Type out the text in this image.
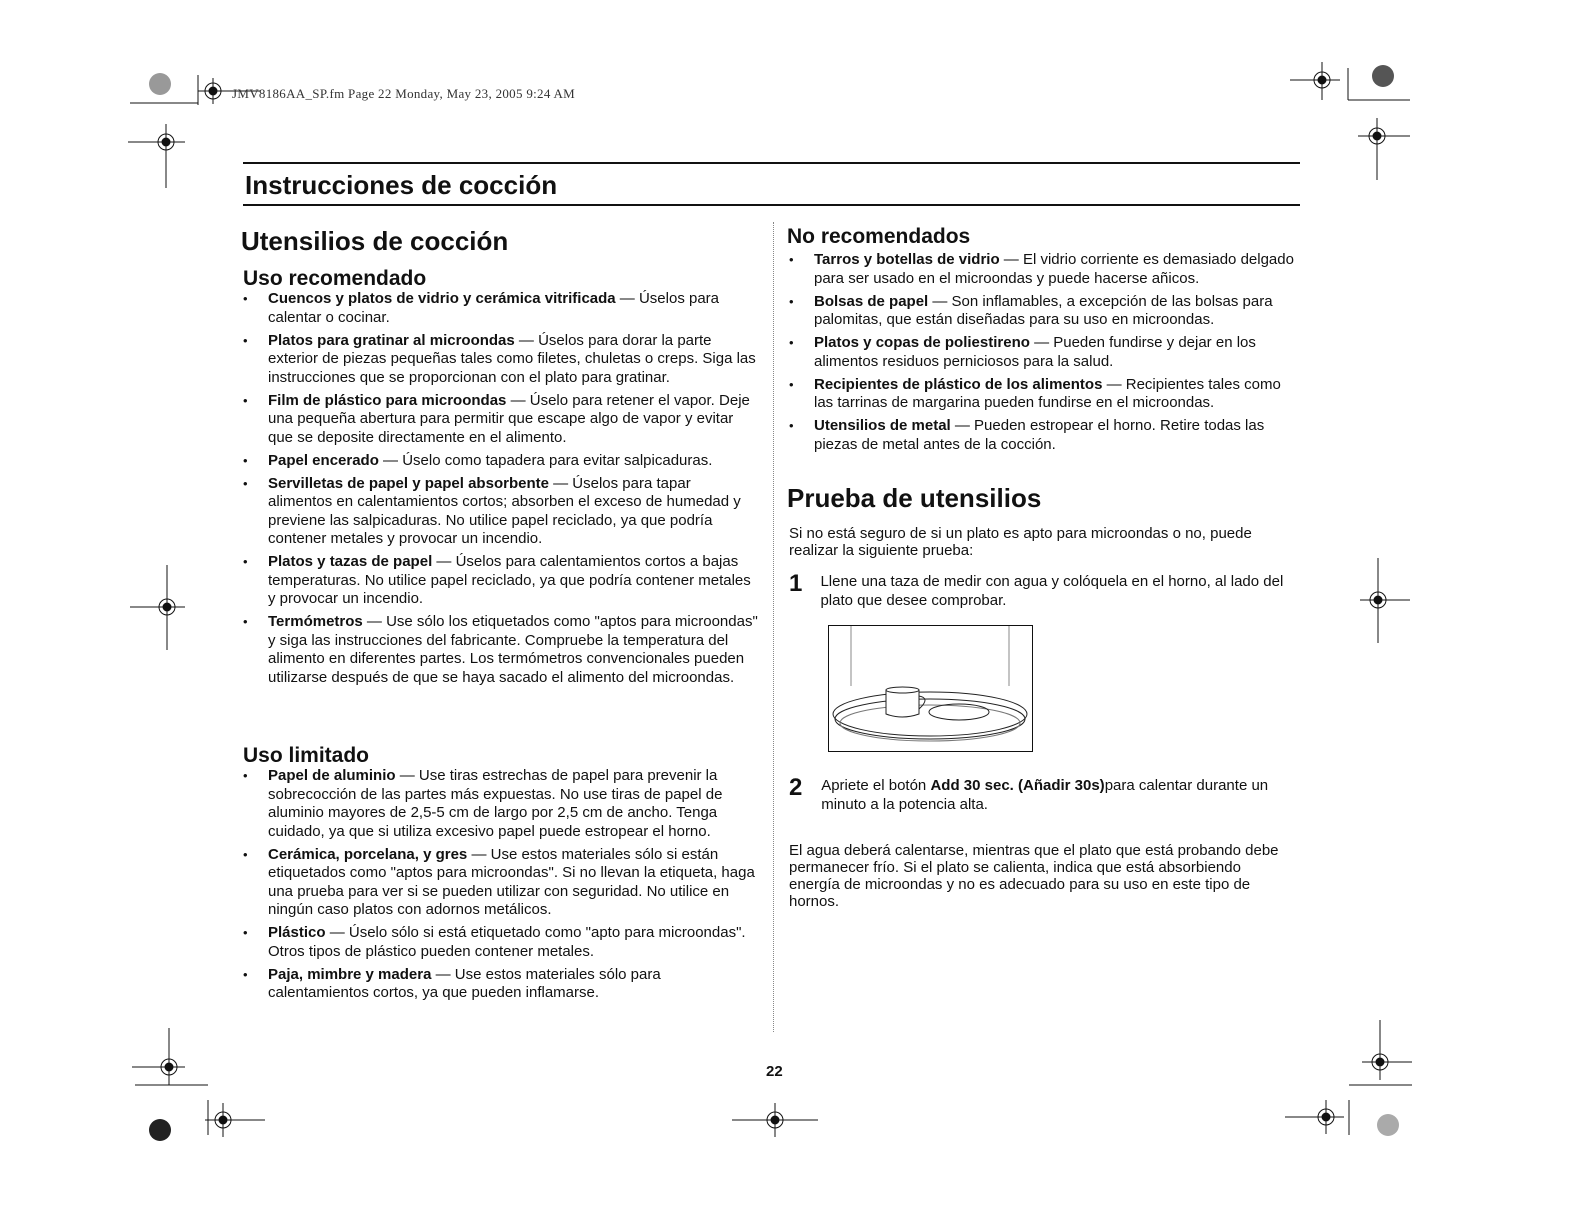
JMV8186AA_SP.fm Page 22 Monday, May 23, 2005 9:24 AM
Instrucciones de cocción
Utensilios de cocción
Uso recomendado
• Cuencos y platos de vidrio y cerámica vitrificada — Úselos para calentar o cocinar.
• Platos para gratinar al microondas — Úselos para dorar la parte exterior de piezas pequeñas tales como filetes, chuletas o creps. Siga las instrucciones que se proporcionan con el plato para gratinar.
• Film de plástico para microondas — Úselo para retener el vapor. Deje una pequeña abertura para permitir que escape algo de vapor y evitar que se deposite directamente en el alimento.
• Papel encerado — Úselo como tapadera para evitar salpicaduras.
• Servilletas de papel y papel absorbente — Úselos para tapar alimentos en calentamientos cortos; absorben el exceso de humedad y previene las salpicaduras. No utilice papel reciclado, ya que podría contener metales y provocar un incendio.
• Platos y tazas de papel — Úselos para calentamientos cortos a bajas temperaturas. No utilice papel reciclado, ya que podría contener metales y provocar un incendio.
• Termómetros — Use sólo los etiquetados como "aptos para microondas" y siga las instrucciones del fabricante. Compruebe la temperatura del alimento en diferentes partes. Los termómetros convencionales pueden utilizarse después de que se haya sacado el alimento del microondas.
Uso limitado
• Papel de aluminio — Use tiras estrechas de papel para prevenir la sobrecocción de las partes más expuestas. No use tiras de papel de aluminio mayores de 2,5-5 cm de largo por 2,5 cm de ancho. Tenga cuidado, ya que si utiliza excesivo papel puede estropear el horno.
• Cerámica, porcelana, y gres — Use estos materiales sólo si están etiquetados como "aptos para microondas". Si no llevan la etiqueta, haga una prueba para ver si se pueden utilizar con seguridad. No utilice en ningún caso platos con adornos metálicos.
• Plástico — Úselo sólo si está etiquetado como "apto para microondas". Otros tipos de plástico pueden contener metales.
• Paja, mimbre y madera — Use estos materiales sólo para calentamientos cortos, ya que pueden inflamarse.
No recomendados
• Tarros y botellas de vidrio — El vidrio corriente es demasiado delgado para ser usado en el microondas y puede hacerse añicos.
• Bolsas de papel — Son inflamables, a excepción de las bolsas para palomitas, que están diseñadas para su uso en microondas.
• Platos y copas de poliestireno — Pueden fundirse y dejar en los alimentos residuos perniciosos para la salud.
• Recipientes de plástico de los alimentos — Recipientes tales como las tarrinas de margarina pueden fundirse en el microondas.
• Utensilios de metal — Pueden estropear el horno. Retire todas las piezas de metal antes de la cocción.
Prueba de utensilios
Si no está seguro de si un plato es apto para microondas o no, puede realizar la siguiente prueba:
1 Llene una taza de medir con agua y colóquela en el horno, al lado del plato que desee comprobar.
2 Apriete el botón Add 30 sec. (Añadir 30s)para calentar durante un minuto a la potencia alta.
El agua deberá calentarse, mientras que el plato que está probando debe permanecer frío. Si el plato se calienta, indica que está absorbiendo energía de microondas y no es adecuado para su uso en este tipo de hornos.
22
